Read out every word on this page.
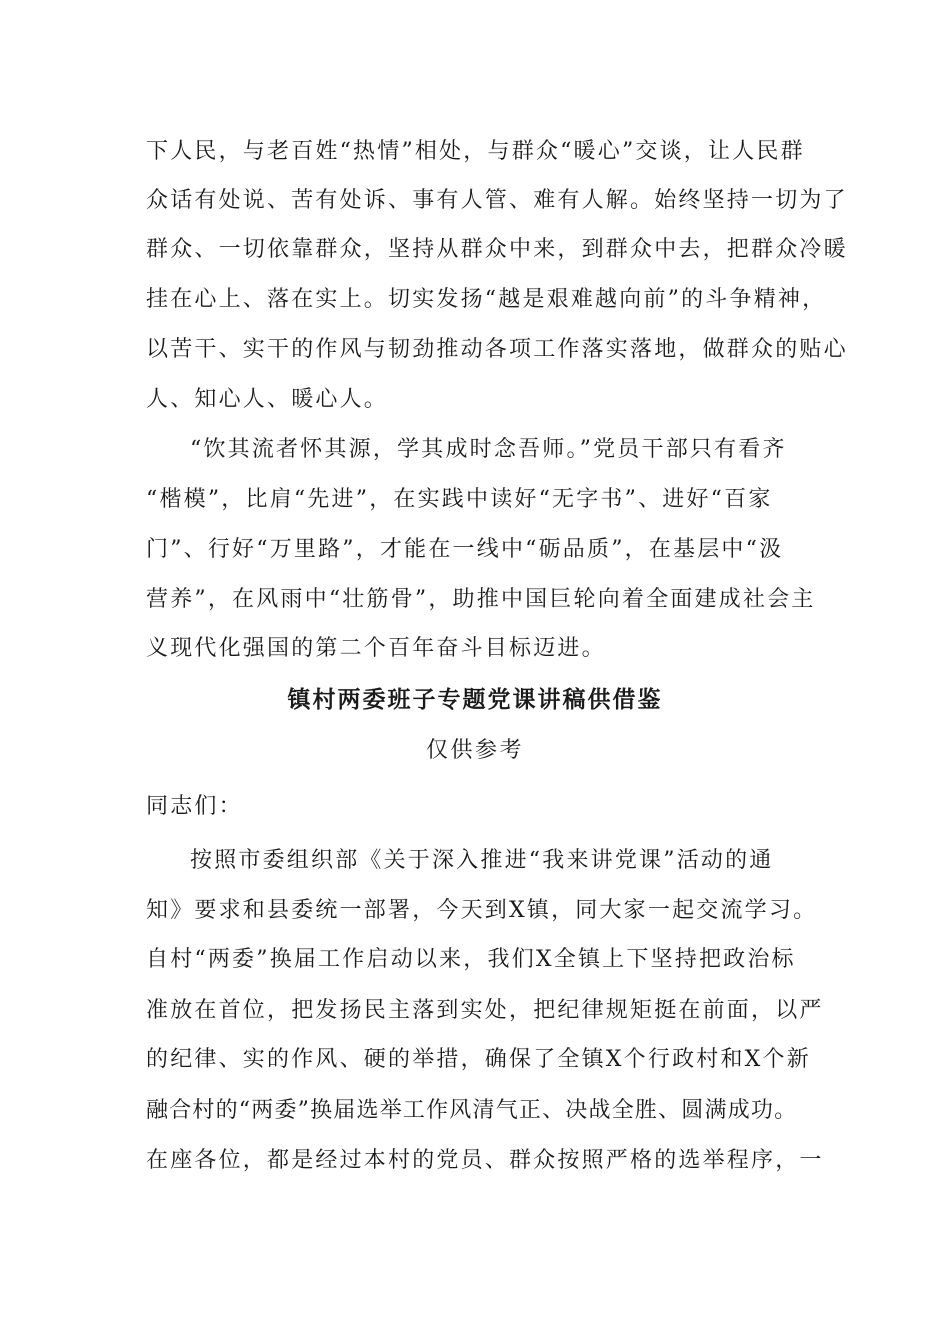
下人民，与老百姓“热情”相处，与群众“暖心”交谈，让人民群
众话有处说、苦有处诉、事有人管、难有人解。始终坚持一切为了
群众、一切依靠群众，坚持从群众中来，到群众中去，把群众冷暖
挂在心上、落在实上。切实发扬“越是艰难越向前”的斗争精神，
以苦干、实干的作风与韧劲推动各项工作落实落地，做群众的贴心
人、知心人、暖心人。
“饮其流者怀其源，学其成时念吾师。”党员干部只有看齐
“楷模”，比肩“先进”，在实践中读好“无字书”、进好“百家
门”、行好“万里路”，才能在一线中“砺品质”，在基层中“汲
营养”，在风雨中“壮筋骨”，助推中国巨轮向着全面建成社会主
义现代化强国的第二个百年奋斗目标迈进。
镇村两委班子专题党课讲稿供借鉴
仅供参考
同志们：
按照市委组织部《关于深入推进“我来讲党课”活动的通
知》要求和县委统一部署，今天到X镇，同大家一起交流学习。
自村“两委”换届工作启动以来，我们X全镇上下坚持把政治标
准放在首位，把发扬民主落到实处，把纪律规矩挺在前面，以严
的纪律、实的作风、硬的举措，确保了全镇X个行政村和X个新
融合村的“两委”换届选举工作风清气正、决战全胜、圆满成功。
在座各位，都是经过本村的党员、群众按照严格的选举程序，一
